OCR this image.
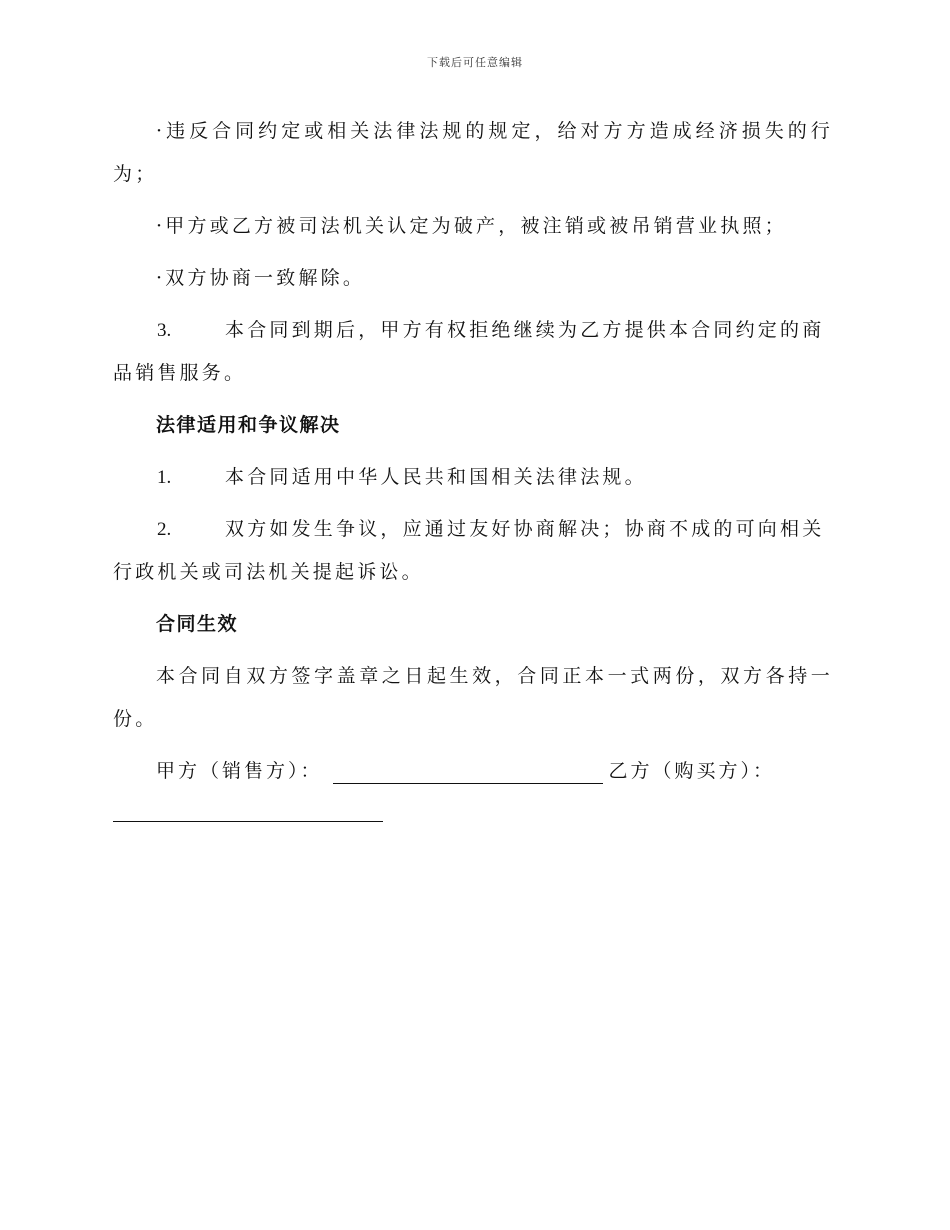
下载后可任意编辑

·违反合同约定或相关法律法规的规定，给对方方造成经济损失的行为；

·甲方或乙方被司法机关认定为破产，被注销或被吊销营业执照；

·双方协商一致解除。

3.	本合同到期后，甲方有权拒绝继续为乙方提供本合同约定的商品销售服务。

法律适用和争议解决

1.	本合同适用中华人民共和国相关法律法规。

2.	双方如发生争议，应通过友好协商解决；协商不成的可向相关行政机关或司法机关提起诉讼。

合同生效

本合同自双方签字盖章之日起生效，合同正本一式两份，双方各持一份。

甲方（销售方）：	乙方（购买方）：
